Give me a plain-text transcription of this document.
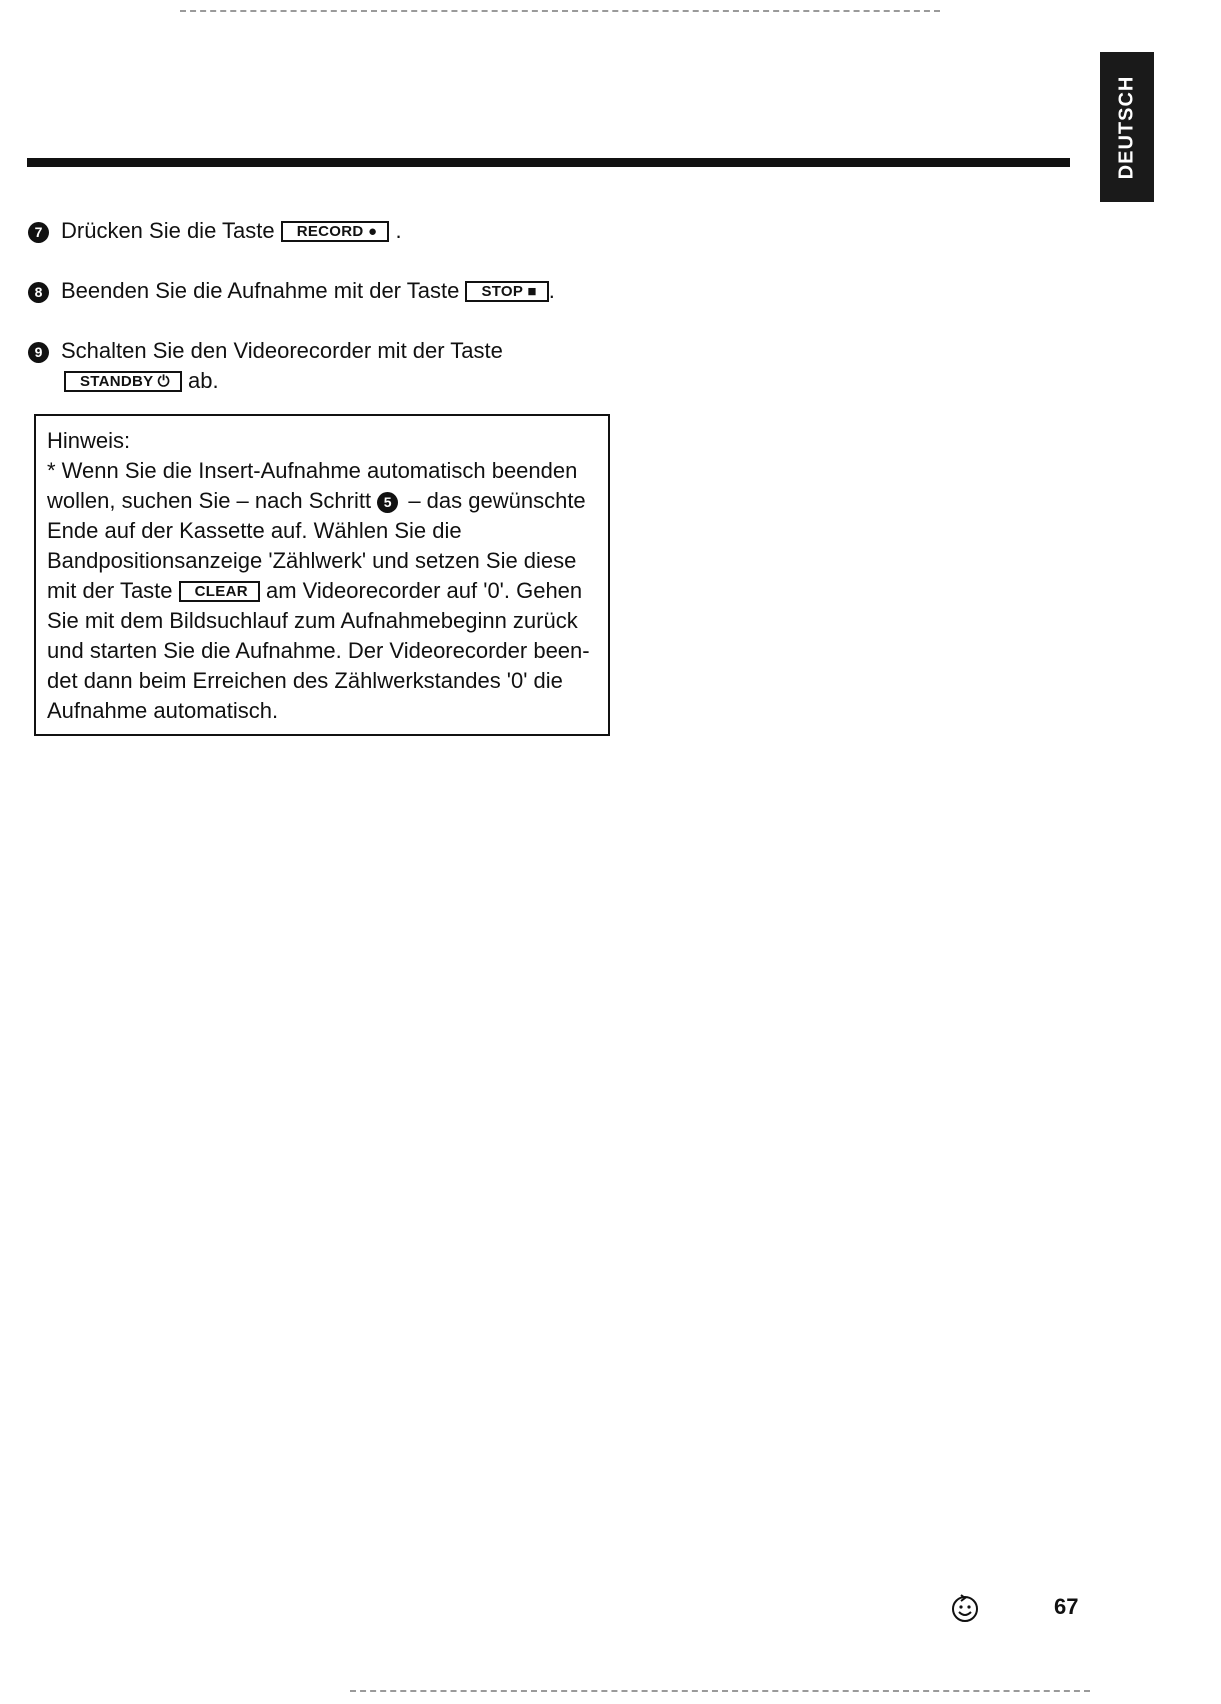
DEUTSCH
7 Drücken Sie die Taste RECORD ● .
8 Beenden Sie die Aufnahme mit der Taste STOP ■ .
9 Schalten Sie den Videorecorder mit der Taste
STANDBY ⏻ ab.

Hinweis:

* Wenn Sie die Insert-Aufnahme automatisch beenden wollen, suchen Sie – nach Schritt 5 – das gewünschte Ende auf der Kassette auf. Wählen Sie die Bandpositionsanzeige 'Zählwerk' und setzen Sie diese mit der Taste CLEAR am Videorecorder auf '0'. Gehen Sie mit dem Bildsuchlauf zum Aufnahmebeginn zurück und starten Sie die Aufnahme. Der Videorecorder been-det dann beim Erreichen des Zählwerkstandes '0' die Aufnahme automatisch.

67
